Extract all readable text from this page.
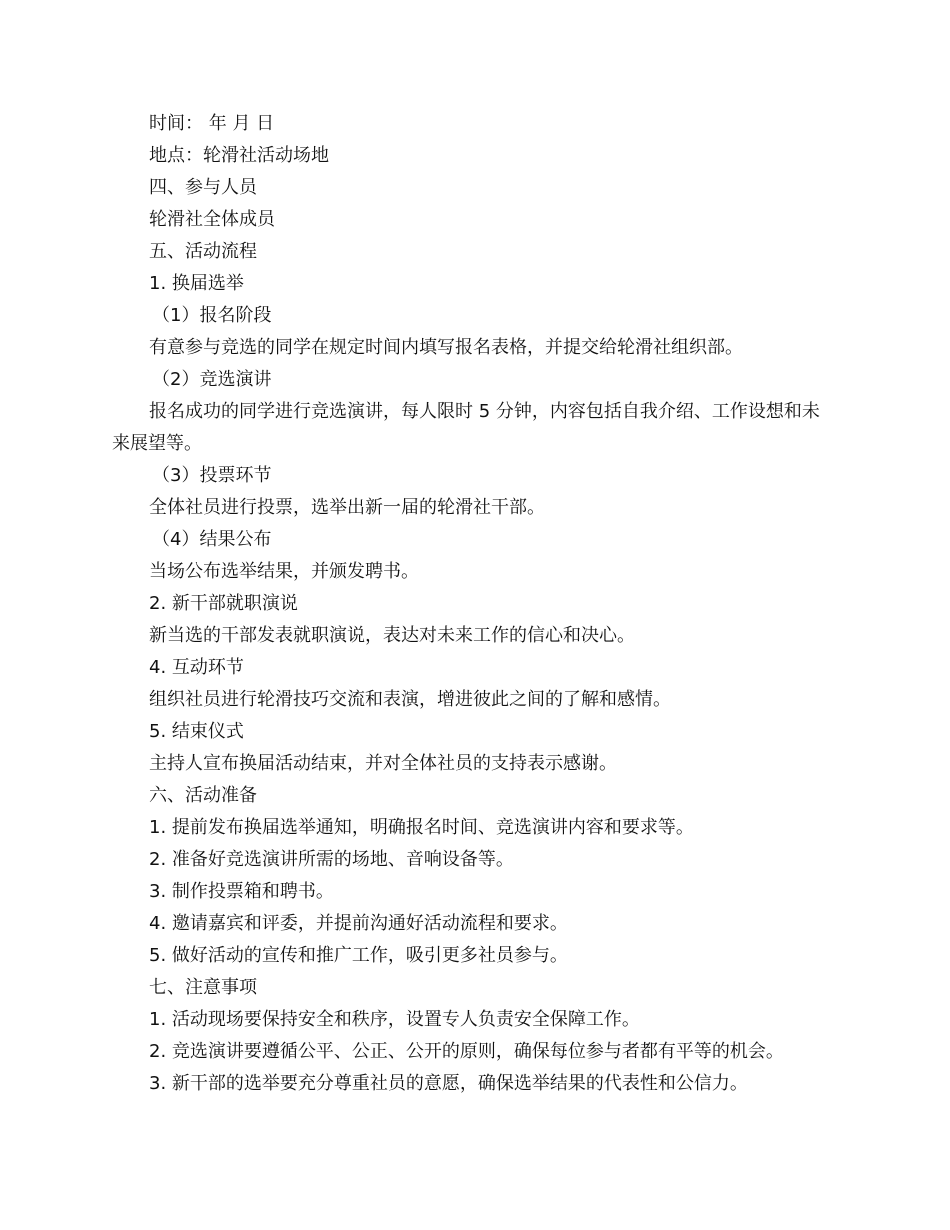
时间： 年 月 日
地点：轮滑社活动场地
四、参与人员
轮滑社全体成员
五、活动流程
1. 换届选举
（1）报名阶段
有意参与竞选的同学在规定时间内填写报名表格，并提交给轮滑社组织部。
（2）竞选演讲
报名成功的同学进行竞选演讲，每人限时 5 分钟，内容包括自我介绍、工作设想和未来展望等。
（3）投票环节
全体社员进行投票，选举出新一届的轮滑社干部。
（4）结果公布
当场公布选举结果，并颁发聘书。
2. 新干部就职演说
新当选的干部发表就职演说，表达对未来工作的信心和决心。
4. 互动环节
组织社员进行轮滑技巧交流和表演，增进彼此之间的了解和感情。
5. 结束仪式
主持人宣布换届活动结束，并对全体社员的支持表示感谢。
六、活动准备
1. 提前发布换届选举通知，明确报名时间、竞选演讲内容和要求等。
2. 准备好竞选演讲所需的场地、音响设备等。
3. 制作投票箱和聘书。
4. 邀请嘉宾和评委，并提前沟通好活动流程和要求。
5. 做好活动的宣传和推广工作，吸引更多社员参与。
七、注意事项
1. 活动现场要保持安全和秩序，设置专人负责安全保障工作。
2. 竞选演讲要遵循公平、公正、公开的原则，确保每位参与者都有平等的机会。
3. 新干部的选举要充分尊重社员的意愿，确保选举结果的代表性和公信力。
